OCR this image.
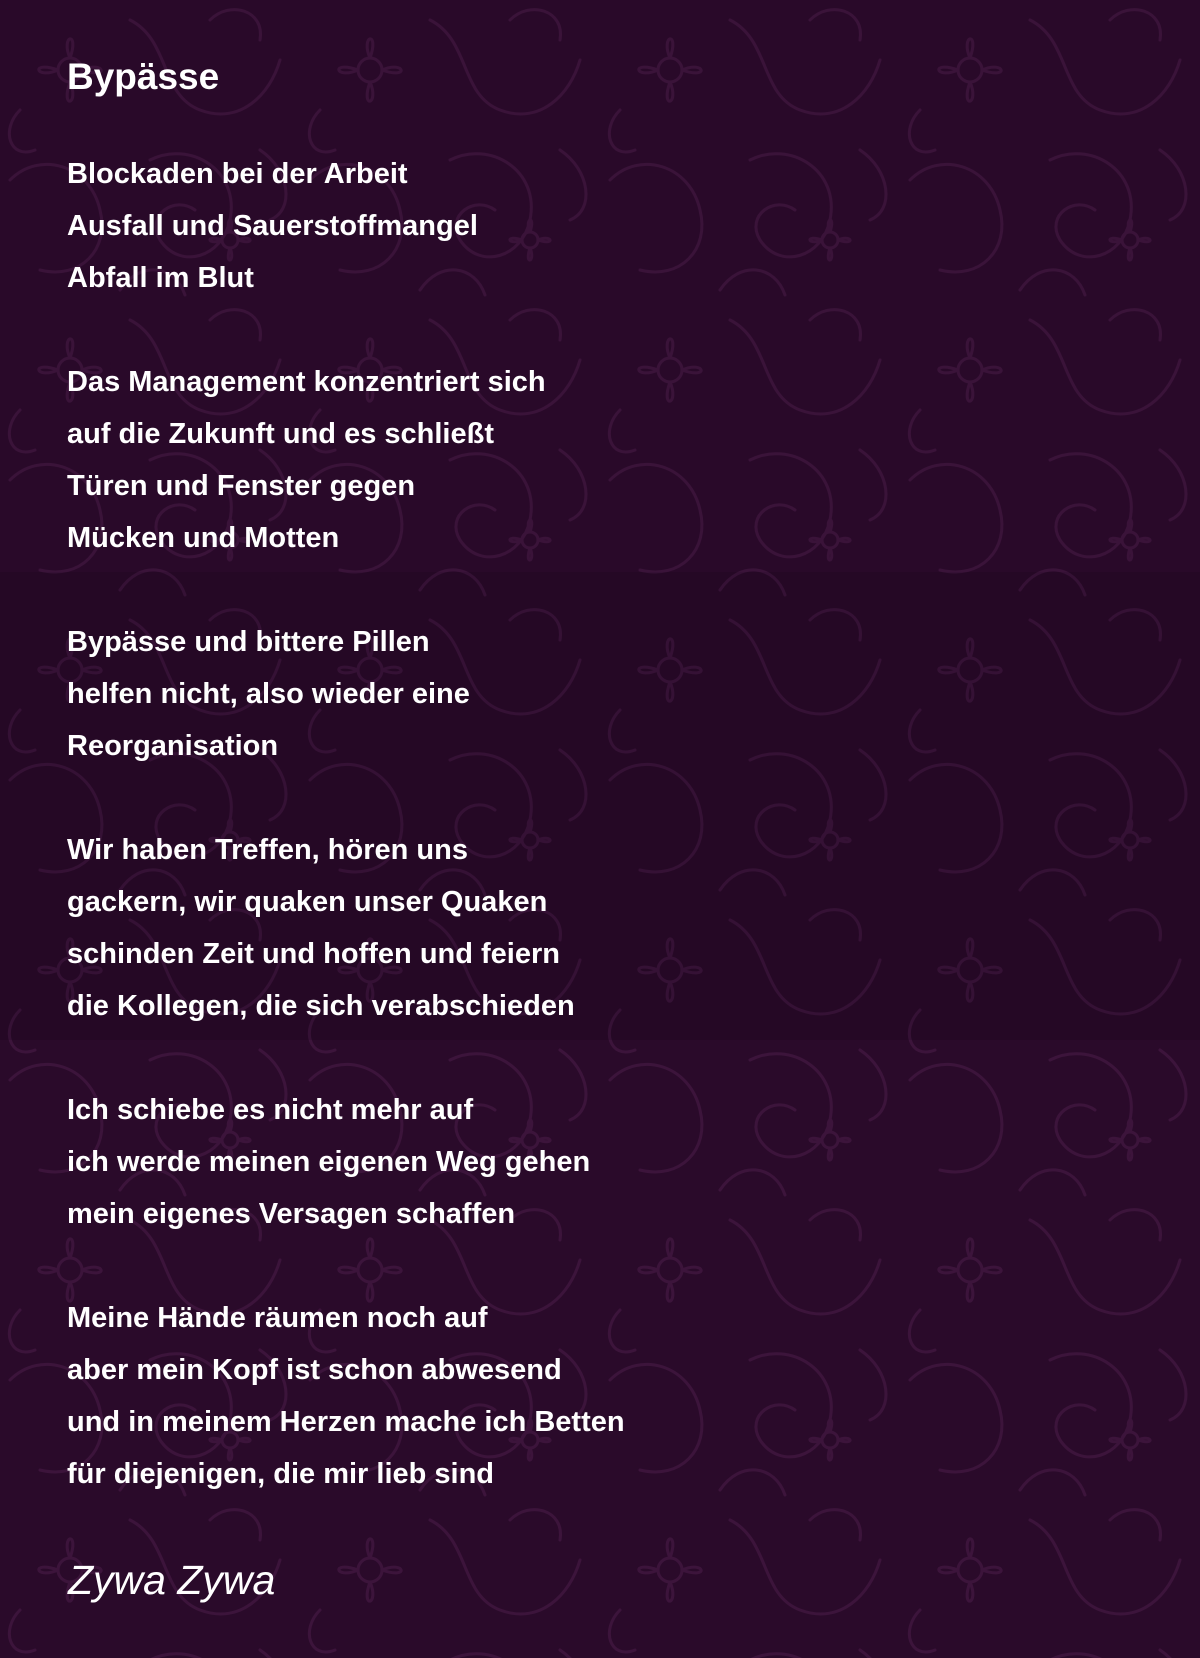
Bypässe
Blockaden bei der Arbeit
Ausfall und Sauerstoffmangel
Abfall im Blut
Das Management konzentriert sich
auf die Zukunft und es schließt
Türen und Fenster gegen
Mücken und Motten
Bypässe und bittere Pillen
helfen nicht, also wieder eine
Reorganisation
Wir haben Treffen, hören uns
gackern, wir quaken unser Quaken
schinden Zeit und hoffen und feiern
die Kollegen, die sich verabschieden
Ich schiebe es nicht mehr auf
ich werde meinen eigenen Weg gehen
mein eigenes Versagen schaffen
Meine Hände räumen noch auf
aber mein Kopf ist schon abwesend
und in meinem Herzen mache ich Betten
für diejenigen, die mir lieb sind

Zywa Zywa
